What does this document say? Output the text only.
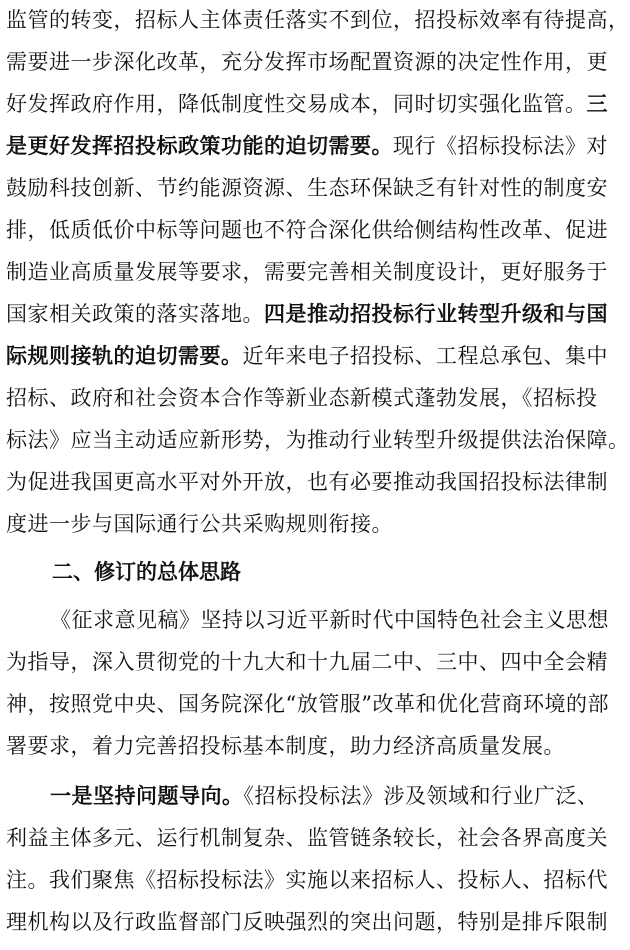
监管的转变，招标人主体责任落实不到位，招投标效率有待提高，
需要进一步深化改革，充分发挥市场配置资源的决定性作用，更
好发挥政府作用，降低制度性交易成本，同时切实强化监管。三
是更好发挥招投标政策功能的迫切需要。现行《招标投标法》对
鼓励科技创新、节约能源资源、生态环保缺乏有针对性的制度安
排，低质低价中标等问题也不符合深化供给侧结构性改革、促进
制造业高质量发展等要求，需要完善相关制度设计，更好服务于
国家相关政策的落实落地。四是推动招投标行业转型升级和与国
际规则接轨的迫切需要。近年来电子招投标、工程总承包、集中
招标、政府和社会资本合作等新业态新模式蓬勃发展，《招标投
标法》应当主动适应新形势，为推动行业转型升级提供法治保障。
为促进我国更高水平对外开放，也有必要推动我国招投标法律制
度进一步与国际通行公共采购规则衔接。
二、修订的总体思路
《征求意见稿》坚持以习近平新时代中国特色社会主义思想
为指导，深入贯彻党的十九大和十九届二中、三中、四中全会精
神，按照党中央、国务院深化“放管服”改革和优化营商环境的部
署要求，着力完善招投标基本制度，助力经济高质量发展。
一是坚持问题导向。《招标投标法》涉及领域和行业广泛、
利益主体多元、运行机制复杂、监管链条较长，社会各界高度关
注。我们聚焦《招标投标法》实施以来招标人、投标人、招标代
理机构以及行政监督部门反映强烈的突出问题，特别是排斥限制
